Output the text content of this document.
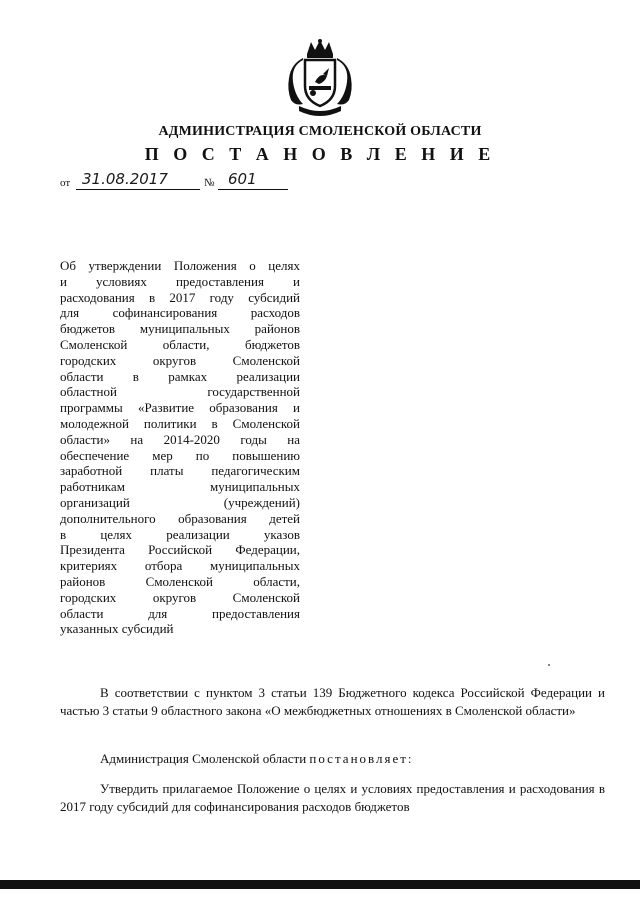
АДМИНИСТРАЦИЯ СМОЛЕНСКОЙ ОБЛАСТИ
П О С Т А Н О В Л Е Н И Е
от 31.08.2017	№ 601
Об утверждении Положения о целях
и условиях предоставления и
расходования в 2017 году субсидий
для софинансирования расходов
бюджетов муниципальных районов
Смоленской области, бюджетов
городских округов Смоленской
области в рамках реализации
областной государственной
программы «Развитие образования и
молодежной политики в Смоленской
области» на 2014-2020 годы на
обеспечение мер по повышению
заработной платы педагогическим
работникам муниципальных
организаций (учреждений)
дополнительного образования детей
в целях реализации указов
Президента Российской Федерации,
критериях отбора муниципальных
районов Смоленской области,
городских округов Смоленской
области для предоставления
указанных субсидий
В соответствии с пунктом 3 статьи 139 Бюджетного кодекса Российской Федерации и частью 3 статьи 9 областного закона «О межбюджетных отношениях в Смоленской области»
Администрация Смоленской области постановляет:
Утвердить прилагаемое Положение о целях и условиях предоставления и расходования в 2017 году субсидий для софинансирования расходов бюджетов
